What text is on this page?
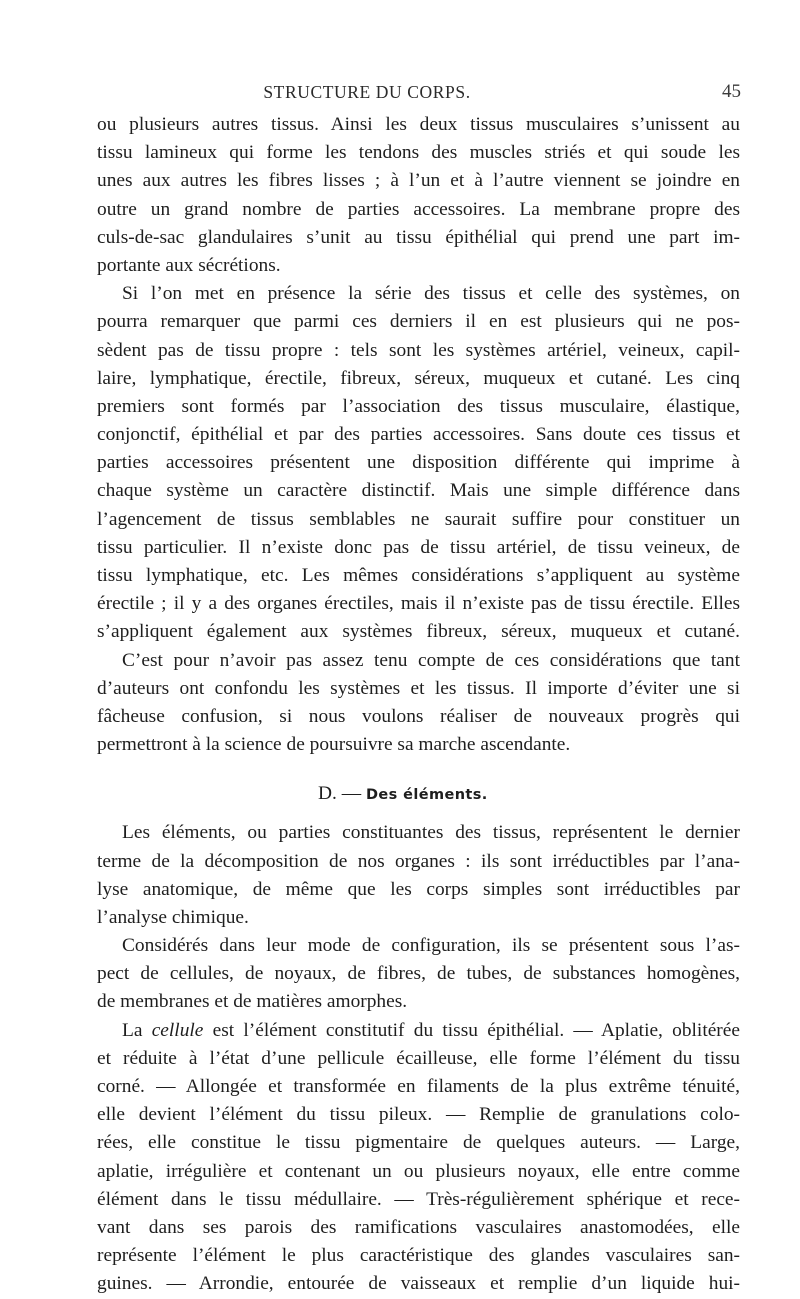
STRUCTURE DU CORPS.	45
ou plusieurs autres tissus. Ainsi les deux tissus musculaires s’unissent au
tissu lamineux qui forme les tendons des muscles striés et qui soude les
unes aux autres les fibres lisses ; à l’un et à l’autre viennent se joindre en
outre un grand nombre de parties accessoires. La membrane propre des
culs-de-sac glandulaires s’unit au tissu épithélial qui prend une part im-
portante aux sécrétions.
Si l’on met en présence la série des tissus et celle des systèmes, on
pourra remarquer que parmi ces derniers il en est plusieurs qui ne pos-
sèdent pas de tissu propre : tels sont les systèmes artériel, veineux, capil-
laire, lymphatique, érectile, fibreux, séreux, muqueux et cutané. Les cinq
premiers sont formés par l’association des tissus musculaire, élastique,
conjonctif, épithélial et par des parties accessoires. Sans doute ces tissus et
parties accessoires présentent une disposition différente qui imprime à
chaque système un caractère distinctif. Mais une simple différence dans
l’agencement de tissus semblables ne saurait suffire pour constituer un
tissu particulier. Il n’existe donc pas de tissu artériel, de tissu veineux, de
tissu lymphatique, etc. Les mêmes considérations s’appliquent au système
érectile ; il y a des organes érectiles, mais il n’existe pas de tissu érectile. Elles
s’appliquent également aux systèmes fibreux, séreux, muqueux et cutané.
C’est pour n’avoir pas assez tenu compte de ces considérations que tant
d’auteurs ont confondu les systèmes et les tissus. Il importe d’éviter une si
fâcheuse confusion, si nous voulons réaliser de nouveaux progrès qui
permettront à la science de poursuivre sa marche ascendante.
D. — Des éléments.
Les éléments, ou parties constituantes des tissus, représentent le dernier
terme de la décomposition de nos organes : ils sont irréductibles par l’ana-
lyse anatomique, de même que les corps simples sont irréductibles par
l’analyse chimique.
Considérés dans leur mode de configuration, ils se présentent sous l’as-
pect de cellules, de noyaux, de fibres, de tubes, de substances homogènes,
de membranes et de matières amorphes.
La cellule est l’élément constitutif du tissu épithélial. — Aplatie, oblitérée
et réduite à l’état d’une pellicule écailleuse, elle forme l’élément du tissu
corné. — Allongée et transformée en filaments de la plus extrême ténuité,
elle devient l’élément du tissu pileux. — Remplie de granulations colo-
rées, elle constitue le tissu pigmentaire de quelques auteurs. — Large,
aplatie, irrégulière et contenant un ou plusieurs noyaux, elle entre comme
élément dans le tissu médullaire. — Très-régulièrement sphérique et rece-
vant dans ses parois des ramifications vasculaires anastomodées, elle
représente l’élément le plus caractéristique des glandes vasculaires san-
guines. — Arrondie, entourée de vaisseaux et remplie d’un liquide hui-
